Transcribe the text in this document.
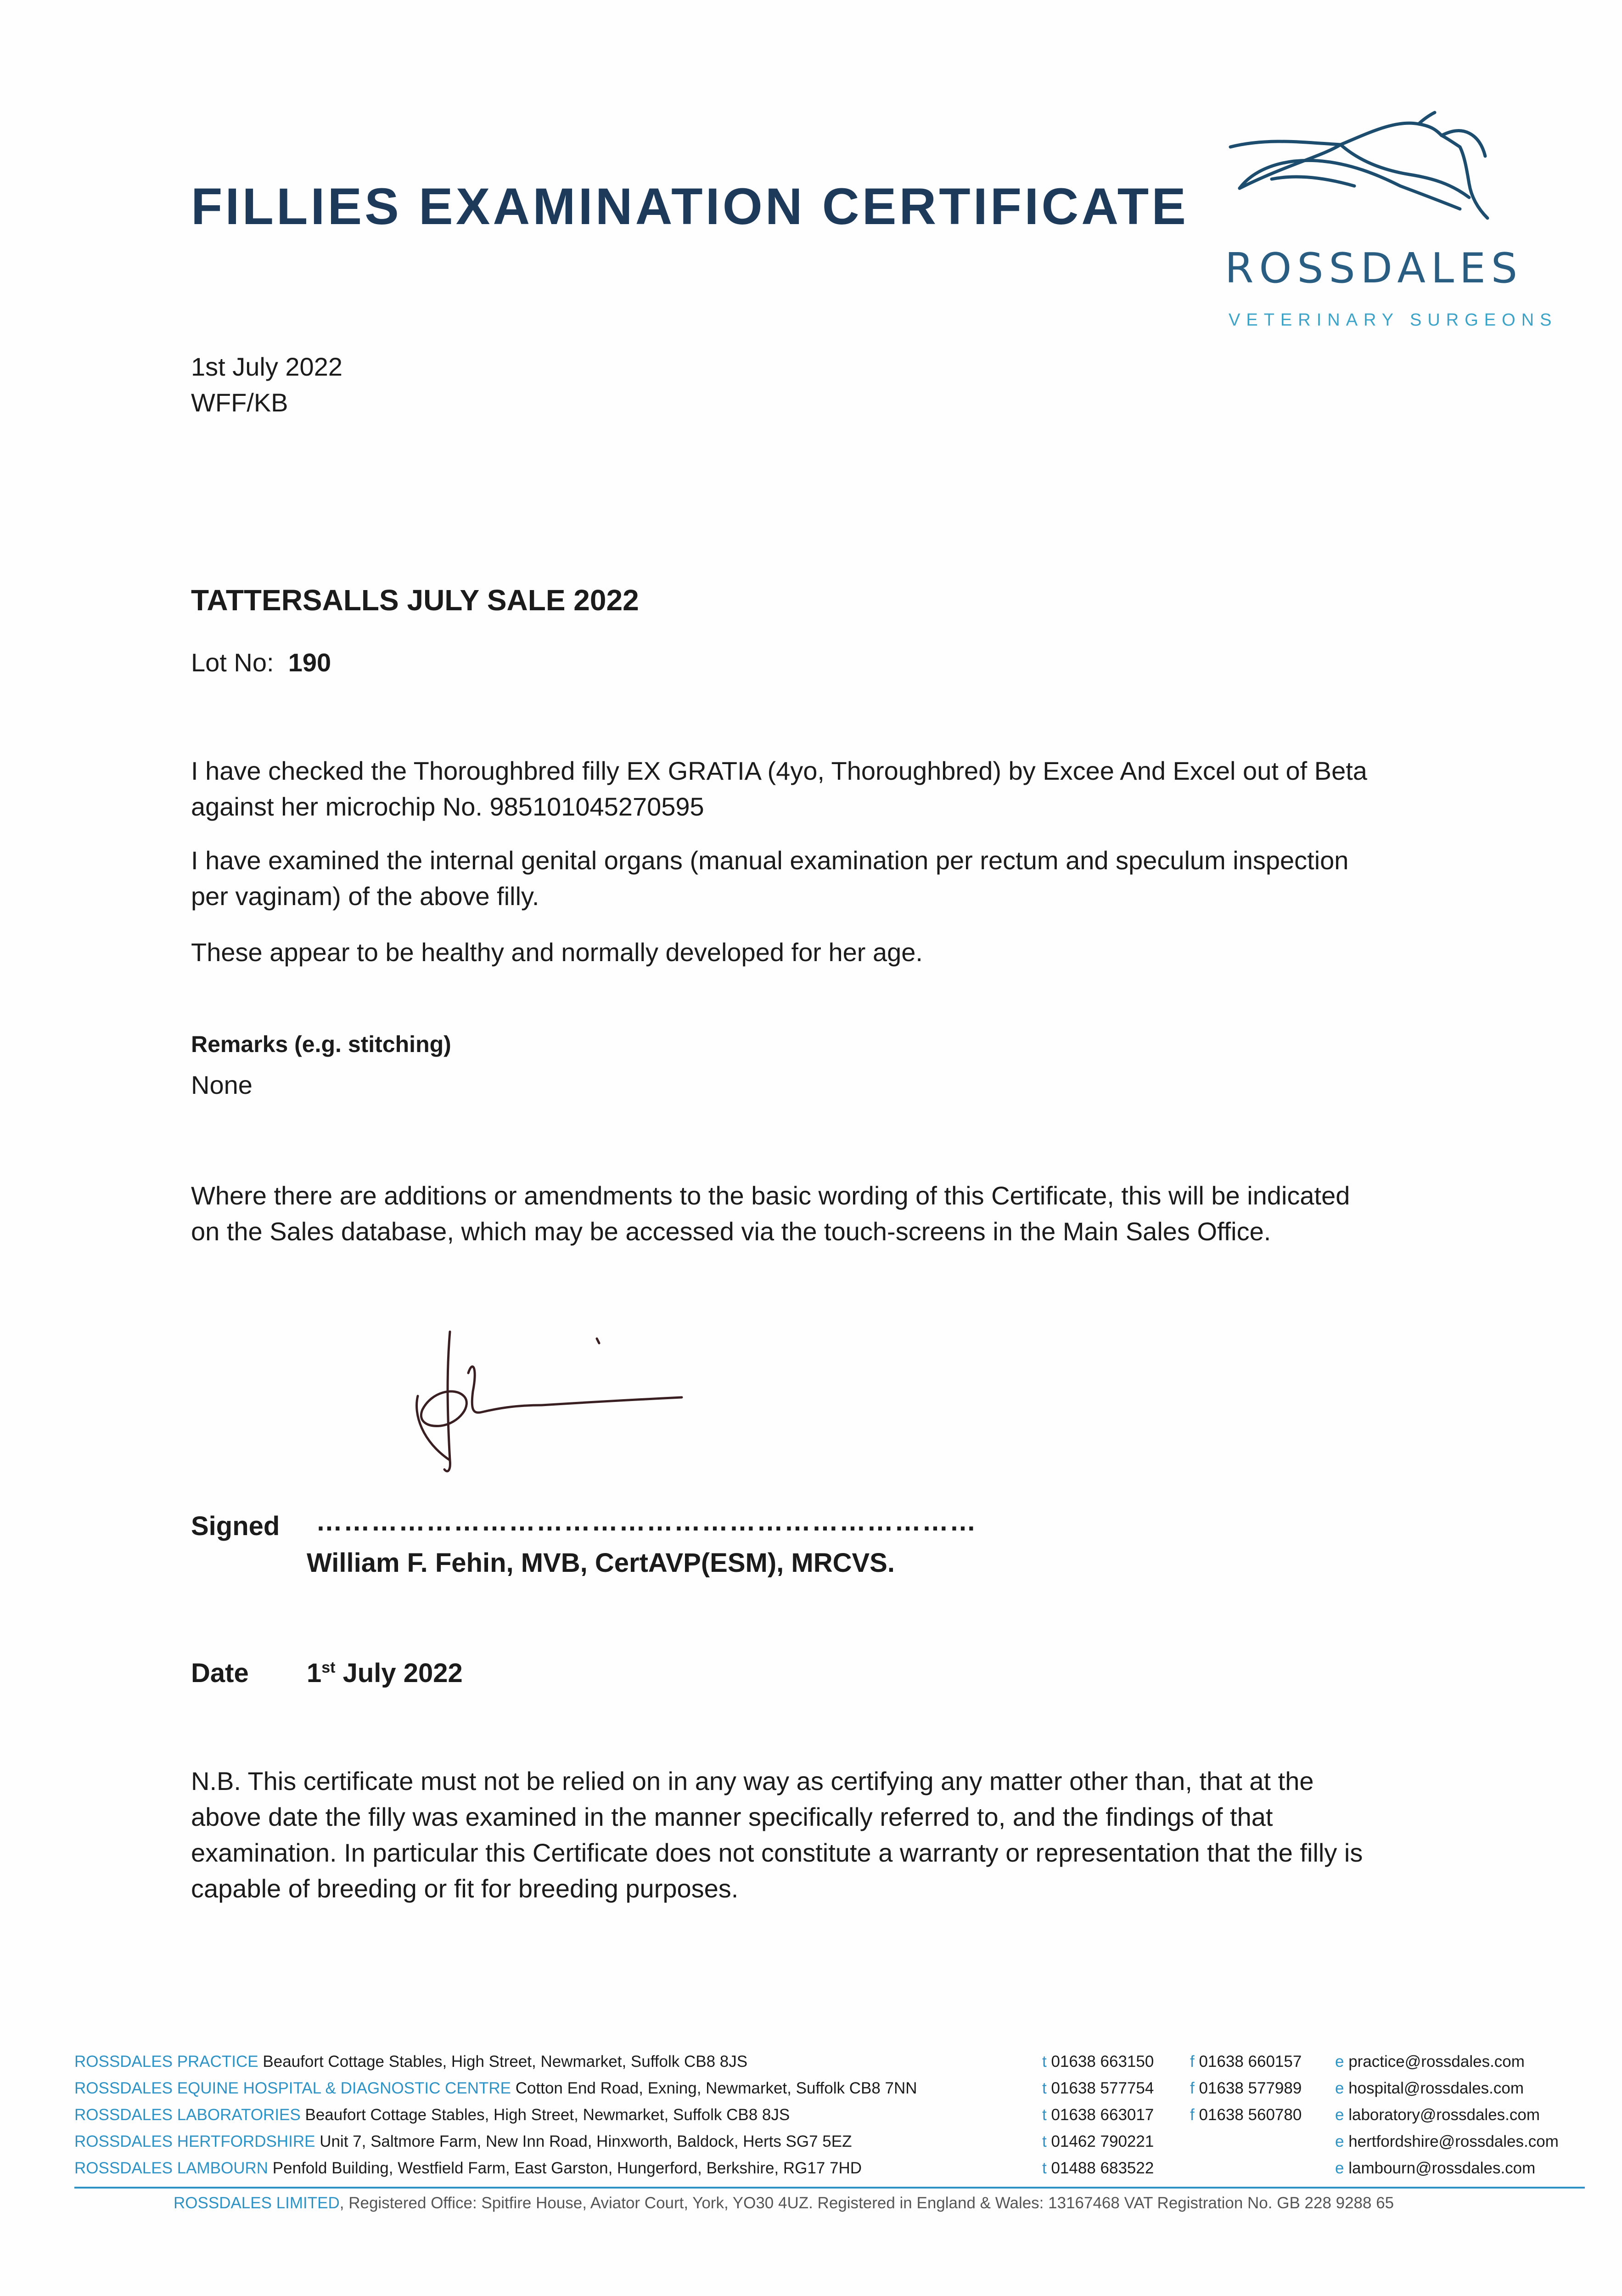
FILLIES EXAMINATION CERTIFICATE
ROSSDALES
VETERINARY SURGEONS
1st July 2022
WFF/KB
TATTERSALLS JULY SALE 2022
Lot No: 190
I have checked the Thoroughbred filly EX GRATIA (4yo, Thoroughbred) by Excee And Excel out of Beta
against her microchip No. 985101045270595
I have examined the internal genital organs (manual examination per rectum and speculum inspection
per vaginam) of the above filly.
These appear to be healthy and normally developed for her age.
Remarks (e.g. stitching)
None
Where there are additions or amendments to the basic wording of this Certificate, this will be indicated
on the Sales database, which may be accessed via the touch-screens in the Main Sales Office.
Signed ………………………………………………………………
William F. Fehin, MVB, CertAVP(ESM), MRCVS.
Date 1st July 2022
N.B. This certificate must not be relied on in any way as certifying any matter other than, that at the
above date the filly was examined in the manner specifically referred to, and the findings of that
examination. In particular this Certificate does not constitute a warranty or representation that the filly is
capable of breeding or fit for breeding purposes.
ROSSDALES PRACTICE Beaufort Cottage Stables, High Street, Newmarket, Suffolk CB8 8JS	t 01638 663150 f 01638 660157 e practice@rossdales.com
ROSSDALES EQUINE HOSPITAL & DIAGNOSTIC CENTRE Cotton End Road, Exning, Newmarket, Suffolk CB8 7NN	t 01638 577754 f 01638 577989 e hospital@rossdales.com
ROSSDALES LABORATORIES Beaufort Cottage Stables, High Street, Newmarket, Suffolk CB8 8JS	t 01638 663017 f 01638 560780 e laboratory@rossdales.com
ROSSDALES HERTFORDSHIRE Unit 7, Saltmore Farm, New Inn Road, Hinxworth, Baldock, Herts SG7 5EZ	t 01462 790221	e hertfordshire@rossdales.com
ROSSDALES LAMBOURN Penfold Building, Westfield Farm, East Garston, Hungerford, Berkshire, RG17 7HD	t 01488 683522	e lambourn@rossdales.com
ROSSDALES LIMITED, Registered Office: Spitfire House, Aviator Court, York, YO30 4UZ. Registered in England & Wales: 13167468 VAT Registration No. GB 228 9288 65
